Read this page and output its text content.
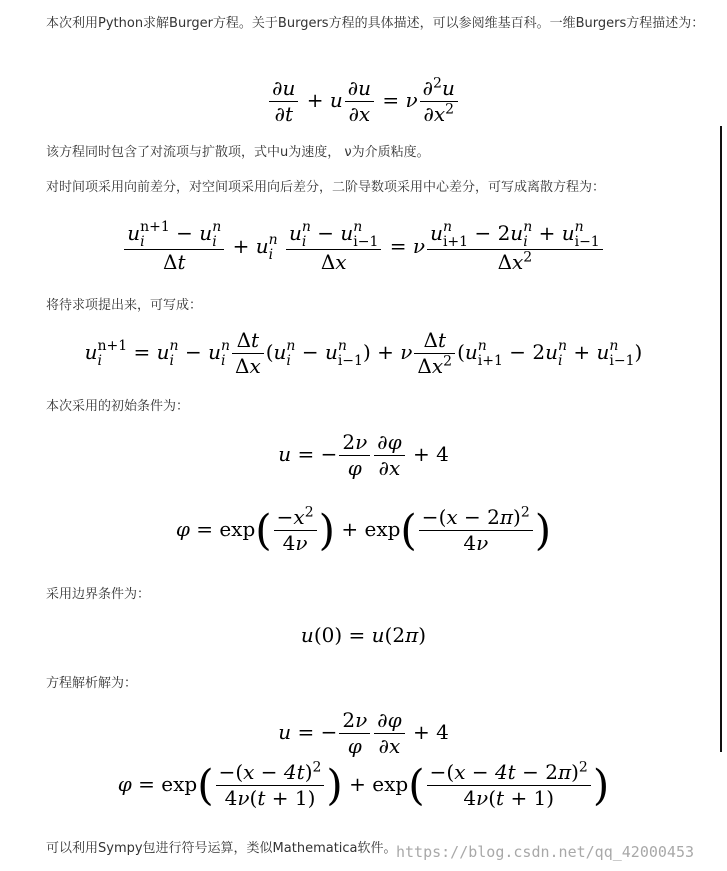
本次利用Python求解Burger方程。关于Burgers方程的具体描述，可以参阅维基百科。一维Burgers方程描述为：

$\frac{\partial u}{\partial t} + u \frac{\partial u}{\partial x} = \nu \frac{\partial^2u}{\partial x^2}$

该方程同时包含了对流项与扩散项，式中u为速度， ν为介质粘度。

对时间项采用向前差分，对空间项采用向后差分，二阶导数项采用中心差分，可写成离散方程为：

u n+1
i	− u n
i
Δt + u n
i
u n
i − u n
i−1
Δx = ν u n
i+1 − 2u n
i + u n
i−1
$\Delta x^2$

将待求项提出来，可写成：

u n+1
i	= u n
i − u n
i $\frac{\Delta t}{\Delta x} (u$ n
i − u n
i−1 ) + ν $\frac{\Delta t}{\Delta x^2} (u$ n
i+1 − 2u n
i + u n
i−1 )

本次采用的初始条件为：

u = − $\frac{2\nu}{\varphi} \frac{\partial\varphi}{\partial x} + 4$
$\varphi = \exp( \frac{-x^2}{4\nu}$ ) + $\exp( \frac{-(x - 2\pi)^2}{4\nu}$ )

采用边界条件为：

u(0) = u(2π)

方程解析解为：

u = − $\frac{2\nu}{\varphi} \frac{\partial\varphi}{\partial x} + 4$
$\varphi = \exp( \frac{-(x - 4t)^2}{4\nu(t + 1)}$ ) + $\exp( \frac{-(x - 4t - 2\pi)^2}{4\nu(t + 1)}$ )

可以利用Sympy包进行符号运算，类似Mathematica软件。 https://blog.csdn.net/qq_42000453
